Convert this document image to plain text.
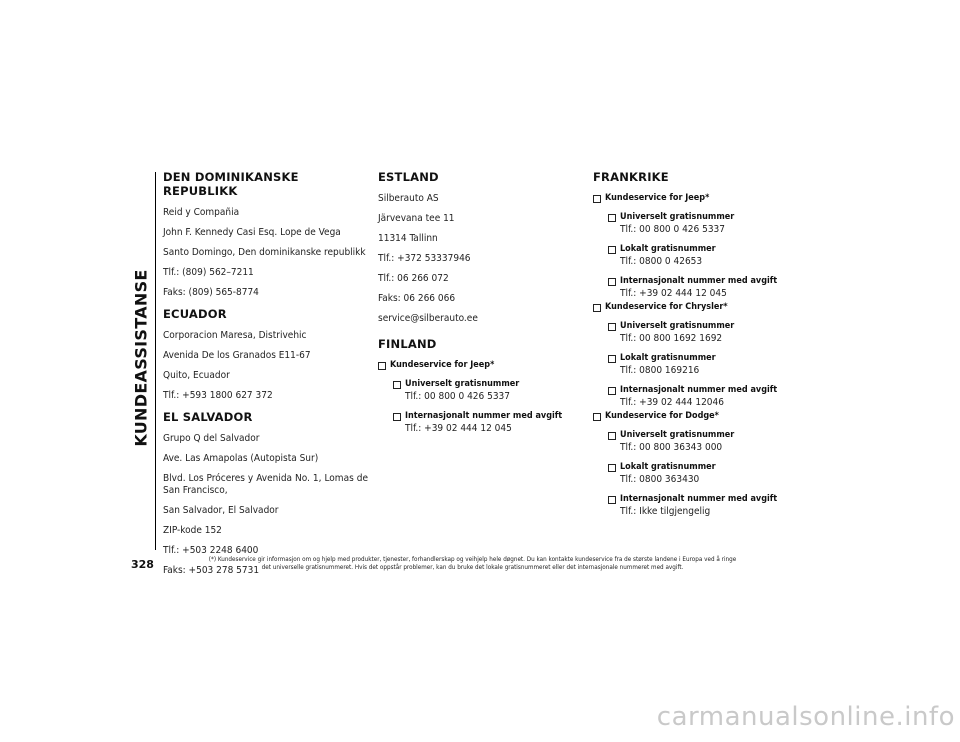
KUNDEASSISTANSE
DEN DOMINIKANSKE REPUBLIKK

Reid y Compañia

John F. Kennedy Casi Esq. Lope de Vega

Santo Domingo, Den dominikanske republikk

Tlf.: (809) 562–7211

Faks: (809) 565-8774

ECUADOR

Corporacion Maresa, Distrivehic

Avenida De los Granados E11-67

Quito, Ecuador

Tlf.: +593 1800 627 372

EL SALVADOR

Grupo Q del Salvador

Ave. Las Amapolas (Autopista Sur)

Blvd. Los Próceres y Avenida No. 1, Lomas de San Francisco,

San Salvador, El Salvador

ZIP-kode 152

Tlf.: +503 2248 6400

Faks: +503 278 5731

ESTLAND

Silberauto AS

Järvevana tee 11

11314 Tallinn

Tlf.: +372 53337946

Tlf.: 06 266 072

Faks: 06 266 066

service@silberauto.ee

FINLAND
Kundeservice for Jeep*
Universelt gratisnummer
Tlf.: 00 800 0 426 5337
Internasjonalt nummer med avgift
Tlf.: +39 02 444 12 045
FRANKRIKE
Kundeservice for Jeep*
Universelt gratisnummer
Tlf.: 00 800 0 426 5337
Lokalt gratisnummer
Tlf.: 0800 0 42653
Internasjonalt nummer med avgift
Tlf.: +39 02 444 12 045
Kundeservice for Chrysler*
Universelt gratisnummer
Tlf.: 00 800 1692 1692
Lokalt gratisnummer
Tlf.: 0800 169216
Internasjonalt nummer med avgift
Tlf.: +39 02 444 12046
Kundeservice for Dodge*
Universelt gratisnummer
Tlf.: 00 800 36343 000
Lokalt gratisnummer
Tlf.: 0800 363430
Internasjonalt nummer med avgift
Tlf.: Ikke tilgjengelig
328	(*) Kundeservice gir informasjon om og hjelp med produkter, tjenester, forhandlerskap og veihjelp hele døgnet. Du kan kontakte kundeservice fra de største landene i Europa ved å ringe
det universelle gratisnummeret. Hvis det oppstår problemer, kan du bruke det lokale gratisnummeret eller det internasjonale nummeret med avgift.
carmanualsonline.info
